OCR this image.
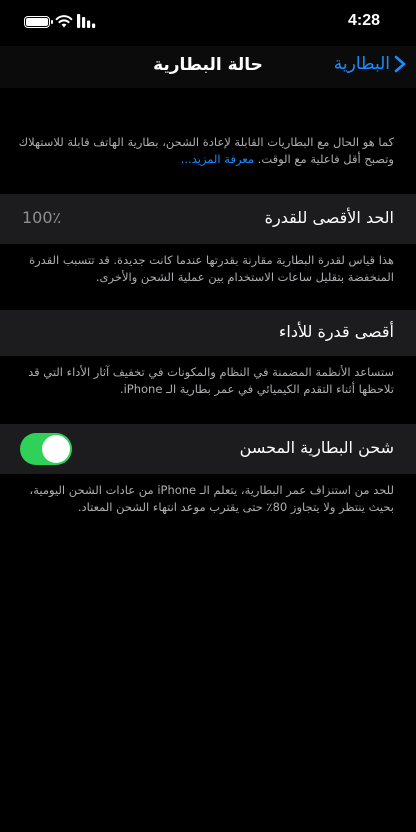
4:28
حالة البطارية	البطارية
كما هو الحال مع البطاريات القابلة لإعادة الشحن، بطارية الهاتف قابلة للاستهلاك وتصبح أقل فاعلية مع الوقت. معرفة المزيد...
الحد الأقصى للقدرة
100٪
هذا قياس لقدرة البطارية مقارنة بقدرتها عندما كانت جديدة. قد تتسبب القدرة المنخفضة بتقليل ساعات الاستخدام بين عملية الشحن والأخرى.
أقصى قدرة للأداء
ستساعد الأنظمة المضمنة في النظام والمكونات في تخفيف آثار الأداء التي قد تلاحظها أثناء التقدم الكيميائي في عمر بطارية الـ iPhone.
شحن البطارية المحسن
للحد من استنزاف عمر البطارية، يتعلم الـ iPhone من عادات الشحن اليومية، بحيث ينتظر ولا يتجاوز 80٪ حتى يقترب موعد انتهاء الشحن المعتاد.
